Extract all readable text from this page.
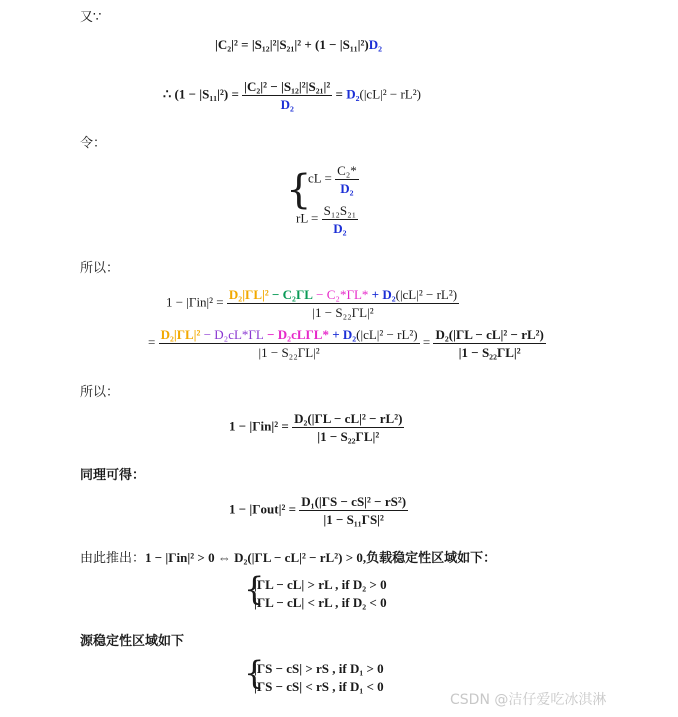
又∵
|C₂|² = |S₁₂|²|S₂₁|² + (1 − |S₁₁|²)D₂
∴ $(1 - |S_{11}|^2) = \frac{\text{|C₂|² − |S₁₂|²|S₂₁|²}}{\text{D₂}} = D_2(|cL|^2 - rL^2)$
令：
{
cL = $\frac{\text{C₂*}}{\text{D₂}}$
rL = $\frac{\text{S₁₂S₂₁}}{\text{D₂}}$
所以：
$1 - |\Gamma in|^2 = \frac{\text{D₂|ΓL|² − C₂ΓL − C₂*ΓL* + D₂(|cL|² − rL²)}}{\text{|1 − S₂₂ΓL|²}}$
= $\frac{\text{D₂|ΓL|² − D₂cL*ΓL − D₂cLΓL* + D₂(|cL|² − rL²)}}{\text{|1 − S₂₂ΓL|²}} = \frac{\text{D₂(|ΓL − cL|² − rL²)}}{\text{|1 − S₂₂ΓL|²}}$
所以：
$1 - |\Gamma in|^2 = \frac{\text{D₂(|ΓL − cL|² − rL²)}}{\text{|1 − S₂₂ΓL|²}}$
同理可得：
$1 - |\Gamma out|^2 = \frac{\text{D₁(|ΓS − cS|² − rS²)}}{\text{|1 − S₁₁ΓS|²}}$
由此推出：1 − |Γin|² > 0 ⇔ D₂(|ΓL − cL|² − rL²) > 0,负载稳定性区域如下：
{
|ΓL − cL| > rL , if D₂ > 0
|ΓL − cL| < rL , if D₂ < 0
源稳定性区域如下
{
|ΓS − cS| > rS , if D₁ > 0
|ΓS − cS| < rS , if D₁ < 0
CSDN @洁仔爱吃冰淇淋
